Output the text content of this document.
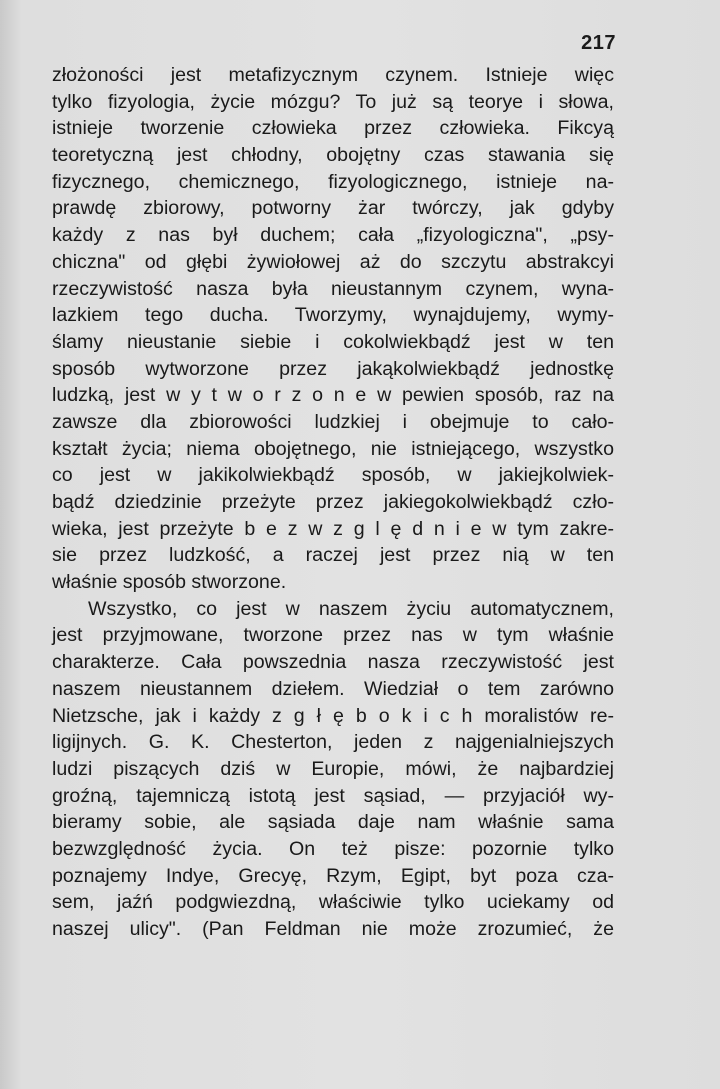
217
złożoności jest metafizycznym czynem. Istnieje więc
tylko fizyologia, życie mózgu? To już są teorye i słowa,
istnieje tworzenie człowieka przez człowieka. Fikcyą
teoretyczną jest chłodny, obojętny czas stawania się
fizycznego, chemicznego, fizyologicznego, istnieje na-
prawdę zbiorowy, potworny żar twórczy, jak gdyby
każdy z nas był duchem; cała „fizyologiczna", „psy-
chiczna" od głębi żywiołowej aż do szczytu abstrakcyi
rzeczywistość nasza była nieustannym czynem, wyna-
lazkiem tego ducha. Tworzymy, wynajdujemy, wymy-
ślamy nieustanie siebie i cokolwiekbądź jest w ten
sposób wytworzone przez jakąkolwiekbądź jednostkę
ludzką, jest w y t w o r z o n e w pewien sposób, raz na
zawsze dla zbiorowości ludzkiej i obejmuje to cało-
kształt życia; niema obojętnego, nie istniejącego, wszystko
co jest w jakikolwiekbądź sposób, w jakiejkolwiek-
bądź dziedzinie przeżyte przez jakiegokolwiekbądź czło-
wieka, jest przeżyte b e z w z g l ę d n i e w tym zakre-
sie przez ludzkość, a raczej jest przez nią w ten
właśnie sposób stworzone.
Wszystko, co jest w naszem życiu automatycznem,
jest przyjmowane, tworzone przez nas w tym właśnie
charakterze. Cała powszednia nasza rzeczywistość jest
naszem nieustannem dziełem. Wiedział o tem zarówno
Nietzsche, jak i każdy z g ł ę b o k i c h moralistów re-
ligijnych. G. K. Chesterton, jeden z najgenialniejszych
ludzi piszących dziś w Europie, mówi, że najbardziej
groźną, tajemniczą istotą jest sąsiad, — przyjaciół wy-
bieramy sobie, ale sąsiada daje nam właśnie sama
bezwzględność życia. On też pisze: pozornie tylko
poznajemy Indye, Grecyę, Rzym, Egipt, byt poza cza-
sem, jaźń podgwiezdną, właściwie tylko uciekamy od
naszej ulicy". (Pan Feldman nie może zrozumieć, że
